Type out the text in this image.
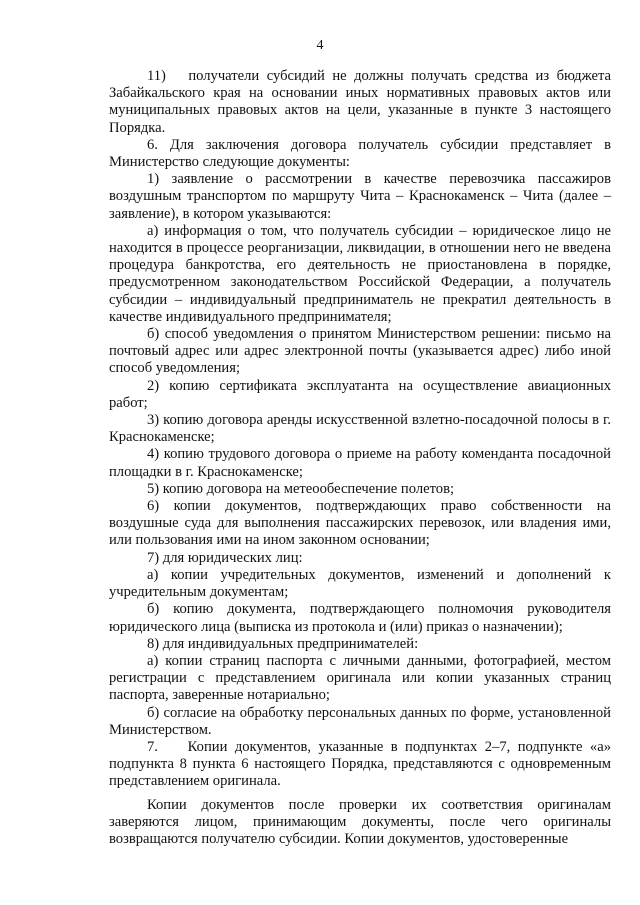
4

11)   получатели субсидий не должны получать средства из бюджета Забайкальского края на основании иных нормативных правовых актов или муниципальных правовых актов на цели, указанные в пункте 3 настоящего Порядка.

6. Для заключения договора получатель субсидии представляет в Министерство следующие документы:

1) заявление о рассмотрении в качестве перевозчика пассажиров воздушным транспортом по маршруту Чита – Краснокаменск – Чита (далее – заявление), в котором указываются:

а) информация о том, что получатель субсидии – юридическое лицо не находится в процессе реорганизации, ликвидации, в отношении него не введена процедура банкротства, его деятельность не приостановлена в порядке, предусмотренном законодательством Российской Федерации, а получатель субсидии – индивидуальный предприниматель не прекратил деятельность в качестве индивидуального предпринимателя;

б) способ уведомления о принятом Министерством решении: письмо на почтовый адрес или адрес электронной почты (указывается адрес) либо иной способ уведомления;

2) копию сертификата эксплуатанта на осуществление авиационных работ;

3) копию договора аренды искусственной взлетно-посадочной полосы в г. Краснокаменске;

4) копию трудового договора о приеме на работу коменданта посадочной площадки в г. Краснокаменске;

5) копию договора на метеообеспечение полетов;

6) копии документов, подтверждающих право собственности на воздушные суда для выполнения пассажирских перевозок, или владения ими, или пользования ими на ином законном основании;

7) для юридических лиц:

а) копии учредительных документов, изменений и дополнений к учредительным документам;

б) копию документа, подтверждающего полномочия руководителя юридического лица (выписка из протокола и (или) приказ о назначении);

8) для индивидуальных предпринимателей:

а) копии страниц паспорта с личными данными, фотографией, местом регистрации с представлением оригинала или копии указанных страниц паспорта, заверенные нотариально;

б) согласие на обработку персональных данных по форме, установленной Министерством.

7.    Копии документов, указанные в подпунктах 2–7, подпункте «а» подпункта 8 пункта 6 настоящего Порядка, представляются с одновременным представлением оригинала.

Копии документов после проверки их соответствия оригиналам заверяются лицом, принимающим документы, после чего оригиналы возвращаются получателю субсидии. Копии документов, удостоверенные
